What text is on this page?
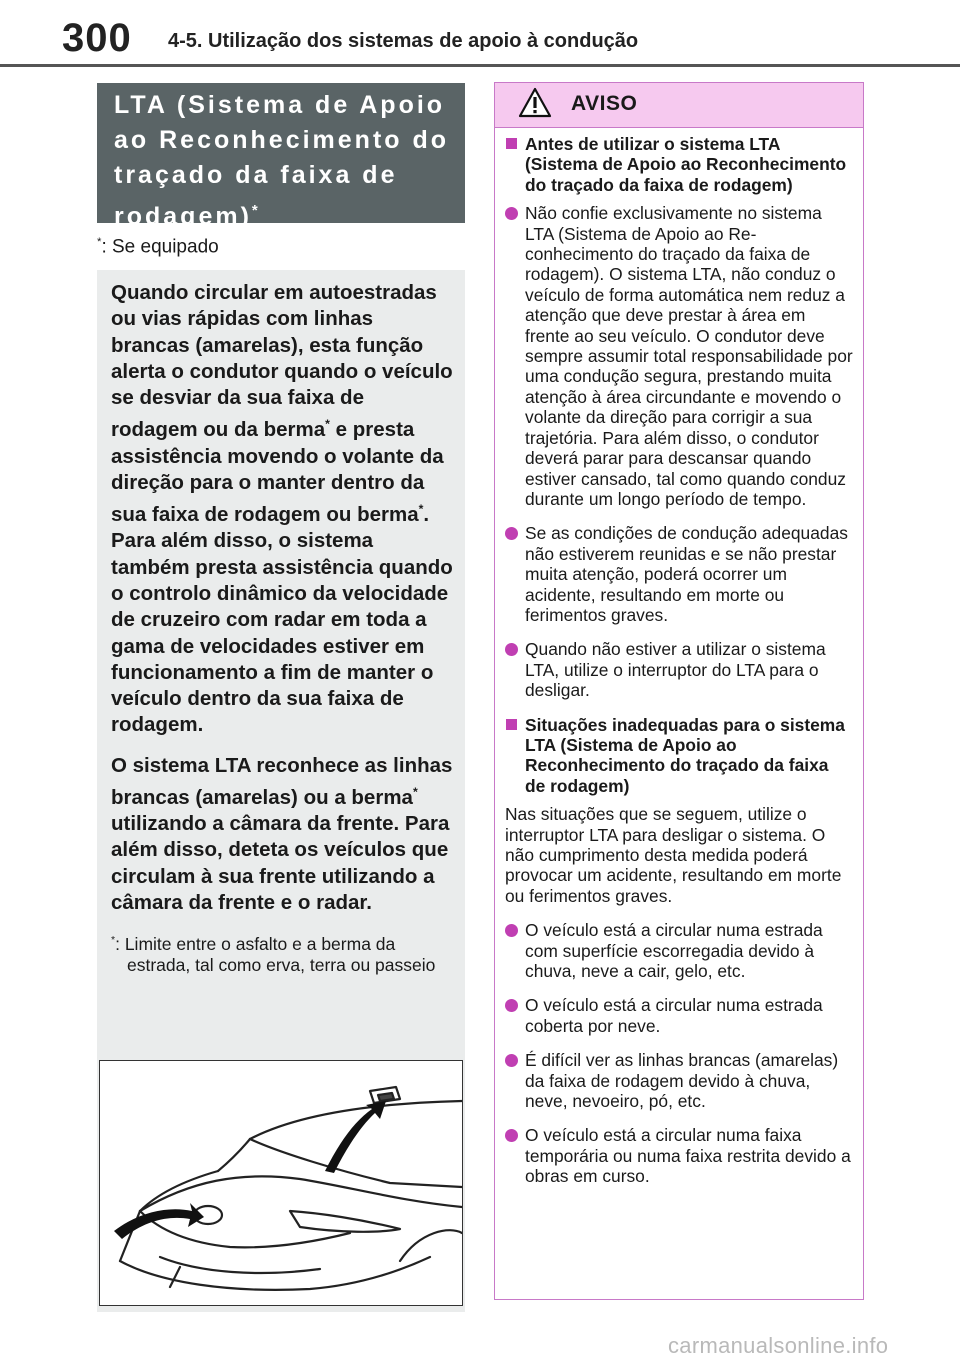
300 4-5. Utilização dos sistemas de apoio à condução
LTA (Sistema de Apoio ao Reconhecimento do traçado da faixa de rodagem)*
*: Se equipado

Quando circular em autoestradas ou vias rápidas com linhas brancas (amarelas), esta função alerta o condutor quando o veículo se desviar da sua faixa de rodagem ou da berma* e presta assistência movendo o volante da direção para o manter dentro da sua faixa de rodagem ou berma*. Para além disso, o sistema também presta assistência quando o controlo dinâmico da velocidade de cruzeiro com radar em toda a gama de velocidades estiver em funcionamento a fim de manter o veículo dentro da sua faixa de rodagem.

O sistema LTA reconhece as linhas brancas (amarelas) ou a berma* utilizando a câmara da frente. Para além disso, deteta os veículos que circulam à sua frente utilizando a câmara da frente e o radar.

*: Limite entre o asfalto e a berma da estrada, tal como erva, terra ou passeio
AVISO
Antes de utilizar o sistema LTA (Sistema de Apoio ao Reconhecimento do traçado da faixa de rodagem)
Não confie exclusivamente no sistema LTA (Sistema de Apoio ao Reconhecimento do traçado da faixa de rodagem). O sistema LTA, não conduz o veículo de forma automática nem reduz a atenção que deve prestar à área em frente ao seu veículo. O condutor deve sempre assumir total responsabilidade por uma condução segura, prestando muita atenção à área circundante e movendo o volante da direção para corrigir a sua trajetória. Para além disso, o condutor deverá parar para descansar quando estiver cansado, tal como quando conduz durante um longo período de tempo.
Se as condições de condução adequadas não estiverem reunidas e se não prestar muita atenção, poderá ocorrer um acidente, resultando em morte ou ferimentos graves.
Quando não estiver a utilizar o sistema LTA, utilize o interruptor do LTA para o desligar.
Situações inadequadas para o sistema LTA (Sistema de Apoio ao Reconhecimento do traçado da faixa de rodagem)
Nas situações que se seguem, utilize o interruptor LTA para desligar o sistema. O não cumprimento desta medida poderá provocar um acidente, resultando em morte ou ferimentos graves.
O veículo está a circular numa estrada com superfície escorregadia devido à chuva, neve a cair, gelo, etc.
O veículo está a circular numa estrada coberta por neve.
É difícil ver as linhas brancas (amarelas) da faixa de rodagem devido à chuva, neve, nevoeiro, pó, etc.
O veículo está a circular numa faixa temporária ou numa faixa restrita devido a obras em curso.
carmanualsonline.info
